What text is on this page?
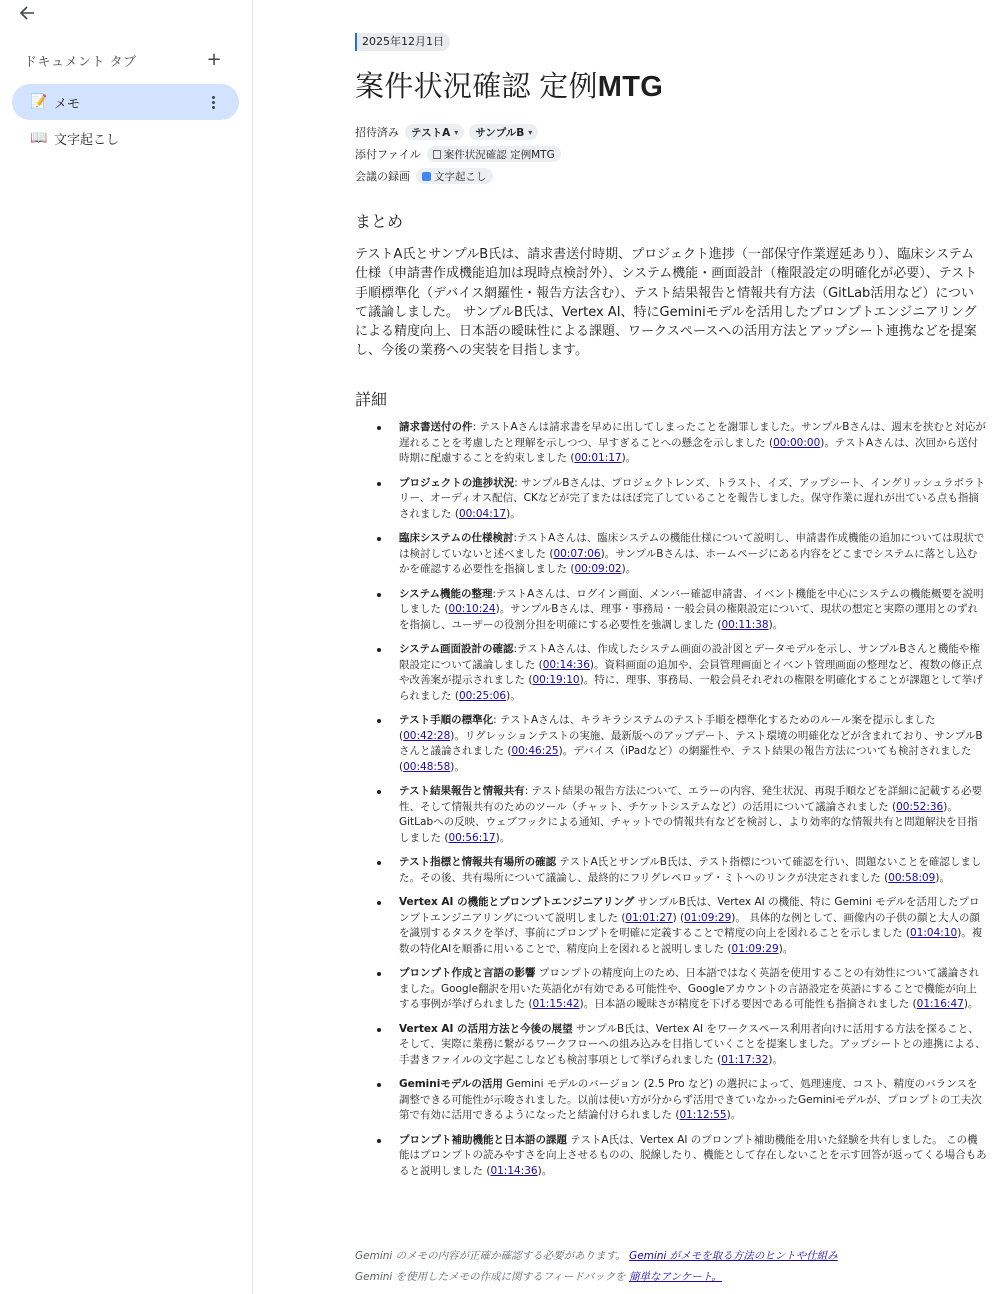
ドキュメント タブ	+
📝 メモ
📖 文字起こし
2025年12月1日
案件状況確認 定例MTG
招待済み テストA ▾ サンプルB ▾
添付ファイル 案件状況確認 定例MTG
会議の録画 文字起こし
まとめ

テストA氏とサンプルB氏は、請求書送付時期、プロジェクト進捗（一部保守作業遅延あり）、臨床システム仕様（申請書作成機能追加は現時点検討外）、システム機能・画面設計（権限設定の明確化が必要）、テスト手順標準化（デバイス網羅性・報告方法含む）、テスト結果報告と情報共有方法（GitLab活用など）について議論しました。 サンプルB氏は、Vertex AI、特にGeminiモデルを活用したプロンプトエンジニアリングによる精度向上、日本語の曖昧性による課題、ワークスペースへの活用方法とアップシート連携などを提案し、今後の業務への実装を目指します。

詳細
請求書送付の件: テストAさんは請求書を早めに出してしまったことを謝罪しました。サンプルBさんは、週末を挟むと対応が遅れることを考慮したと理解を示しつつ、早すぎることへの懸念を示しました (00:00:00)。テストAさんは、次回から送付時期に配慮することを約束しました (00:01:17)。
プロジェクトの進捗状況: サンプルBさんは、プロジェクトレンズ、トラスト、イズ、アップシート、イングリッシュラボラトリー、オーディオス配信、CKなどが完了またはほぼ完了していることを報告しました。保守作業に遅れが出ている点も指摘されました (00:04:17)。
臨床システムの仕様検討:テストAさんは、臨床システムの機能仕様について説明し、申請書作成機能の追加については現状では検討していないと述べました (00:07:06)。サンプルBさんは、ホームページにある内容をどこまでシステムに落とし込むかを確認する必要性を指摘しました (00:09:02)。
システム機能の整理:テストAさんは、ログイン画面、メンバー確認申請書、イベント機能を中心にシステムの機能概要を説明しました (00:10:24)。サンプルBさんは、理事・事務局・一般会員の権限設定について、現状の想定と実際の運用とのずれを指摘し、ユーザーの役割分担を明確にする必要性を強調しました (00:11:38)。
システム画面設計の確認:テストAさんは、作成したシステム画面の設計図とデータモデルを示し、サンプルBさんと機能や権限設定について議論しました (00:14:36)。資料画面の追加や、会員管理画面とイベント管理画面の整理など、複数の修正点や改善案が提示されました (00:19:10)。特に、理事、事務局、一般会員それぞれの権限を明確化することが課題として挙げられました (00:25:06)。
テスト手順の標準化: テストAさんは、キラキラシステムのテスト手順を標準化するためのルール案を提示しました (00:42:28)。リグレッションテストの実施、最新版へのアップデート、テスト環境の明確化などが含まれており、サンプルBさんと議論されました (00:46:25)。デバイス（iPadなど）の網羅性や、テスト結果の報告方法についても検討されました (00:48:58)。
テスト結果報告と情報共有: テスト結果の報告方法について、エラーの内容、発生状況、再現手順などを詳細に記載する必要性、そして情報共有のためのツール（チャット、チケットシステムなど）の活用について議論されました (00:52:36)。GitLabへの反映、ウェブフックによる通知、チャットでの情報共有などを検討し、より効率的な情報共有と問題解決を目指しました (00:56:17)。
テスト指標と情報共有場所の確認 テストA氏とサンプルB氏は、テスト指標について確認を行い、問題ないことを確認しました。その後、共有場所について議論し、最終的にフリグレペロップ・ミトへのリンクが決定されました (00:58:09)。
Vertex AI の機能とプロンプトエンジニアリング サンプルB氏は、Vertex AI の機能、特に Gemini モデルを活用したプロンプトエンジニアリングについて説明しました (01:01:27) (01:09:29)。 具体的な例として、画像内の子供の顔と大人の顔を識別するタスクを挙げ、事前にプロンプトを明確に定義することで精度の向上を図れることを示しました (01:04:10)。複数の特化AIを順番に用いることで、精度向上を図れると説明しました (01:09:29)。
プロンプト作成と言語の影響 プロンプトの精度向上のため、日本語ではなく英語を使用することの有効性について議論されました。Google翻訳を用いた英語化が有効である可能性や、Googleアカウントの言語設定を英語にすることで機能が向上する事例が挙げられました (01:15:42)。日本語の曖昧さが精度を下げる要因である可能性も指摘されました (01:16:47)。
Vertex AI の活用方法と今後の展望 サンプルB氏は、Vertex AI をワークスペース利用者向けに活用する方法を探ること、そして、実際に業務に繋がるワークフローへの組み込みを目指していくことを提案しました。アップシートとの連携による、手書きファイルの文字起こしなども検討事項として挙げられました (01:17:32)。
Geminiモデルの活用 Gemini モデルのバージョン (2.5 Pro など) の選択によって、処理速度、コスト、精度のバランスを調整できる可能性が示唆されました。以前は使い方が分からず活用できていなかったGeminiモデルが、プロンプトの工夫次第で有効に活用できるようになったと結論付けられました (01:12:55)。
プロンプト補助機能と日本語の課題 テストA氏は、Vertex AI のプロンプト補助機能を用いた経験を共有しました。 この機能はプロンプトの読みやすさを向上させるものの、脱線したり、機能として存在しないことを示す回答が返ってくる場合もあると説明しました (01:14:36)。
Gemini のメモの内容が正確か確認する必要があります。 Gemini がメモを取る方法のヒントや仕組み
Gemini を使用したメモの作成に関するフィードバックを 簡単なアンケート。
